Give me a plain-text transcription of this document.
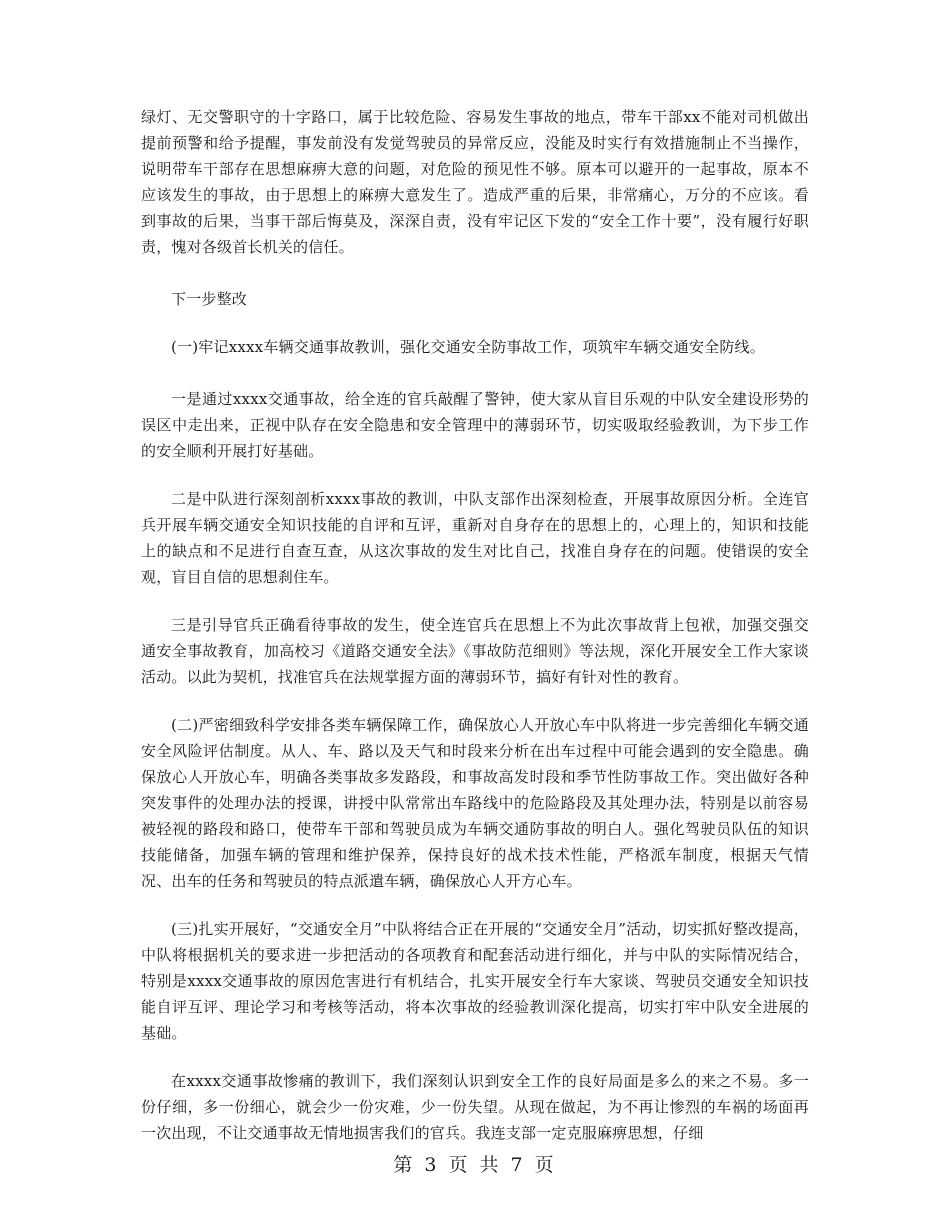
绿灯、无交警职守的十字路口，属于比较危险、容易发生事故的地点，带车干部xx不能对司机做出提前预警和给予提醒，事发前没有发觉驾驶员的异常反应，没能及时实行有效措施制止不当操作，说明带车干部存在思想麻痹大意的问题，对危险的预见性不够。原本可以避开的一起事故，原本不应该发生的事故，由于思想上的麻痹大意发生了。造成严重的后果，非常痛心，万分的不应该。看到事故的后果，当事干部后悔莫及，深深自责，没有牢记区下发的“安全工作十要”，没有履行好职责，愧对各级首长机关的信任。

下一步整改

(一)牢记xxxx车辆交通事故教训，强化交通安全防事故工作，项筑牢车辆交通安全防线。

一是通过xxxx交通事故，给全连的官兵敲醒了警钟，使大家从盲目乐观的中队安全建设形势的误区中走出来，正视中队存在安全隐患和安全管理中的薄弱环节，切实吸取经验教训，为下步工作的安全顺利开展打好基础。

二是中队进行深刻剖析xxxx事故的教训，中队支部作出深刻检查，开展事故原因分析。全连官兵开展车辆交通安全知识技能的自评和互评，重新对自身存在的思想上的，心理上的，知识和技能上的缺点和不足进行自查互查，从这次事故的发生对比自己，找准自身存在的问题。使错误的安全观，盲目自信的思想刹住车。

三是引导官兵正确看待事故的发生，使全连官兵在思想上不为此次事故背上包袱，加强交强交通安全事故教育，加高校习《道路交通安全法》《事故防范细则》等法规，深化开展安全工作大家谈活动。以此为契机，找准官兵在法规掌握方面的薄弱环节，搞好有针对性的教育。

(二)严密细致科学安排各类车辆保障工作，确保放心人开放心车中队将进一步完善细化车辆交通安全风险评估制度。从人、车、路以及天气和时段来分析在出车过程中可能会遇到的安全隐患。确保放心人开放心车，明确各类事故多发路段，和事故高发时段和季节性防事故工作。突出做好各种突发事件的处理办法的授课，讲授中队常常出车路线中的危险路段及其处理办法，特别是以前容易被轻视的路段和路口，使带车干部和驾驶员成为车辆交通防事故的明白人。强化驾驶员队伍的知识技能储备，加强车辆的管理和维护保养，保持良好的战术技术性能，严格派车制度，根据天气情况、出车的任务和驾驶员的特点派遣车辆，确保放心人开方心车。

(三)扎实开展好，“交通安全月”中队将结合正在开展的“交通安全月”活动，切实抓好整改提高，中队将根据机关的要求进一步把活动的各项教育和配套活动进行细化，并与中队的实际情况结合，特别是xxxx交通事故的原因危害进行有机结合，扎实开展安全行车大家谈、驾驶员交通安全知识技能自评互评、理论学习和考核等活动，将本次事故的经验教训深化提高，切实打牢中队安全进展的基础。

在xxxx交通事故惨痛的教训下，我们深刻认识到安全工作的良好局面是多么的来之不易。多一份仔细，多一份细心，就会少一份灾难，少一份失望。从现在做起，为不再让惨烈的车祸的场面再一次出现，不让交通事故无情地损害我们的官兵。我连支部一定克服麻痹思想，仔细

第 3 页 共 7 页
